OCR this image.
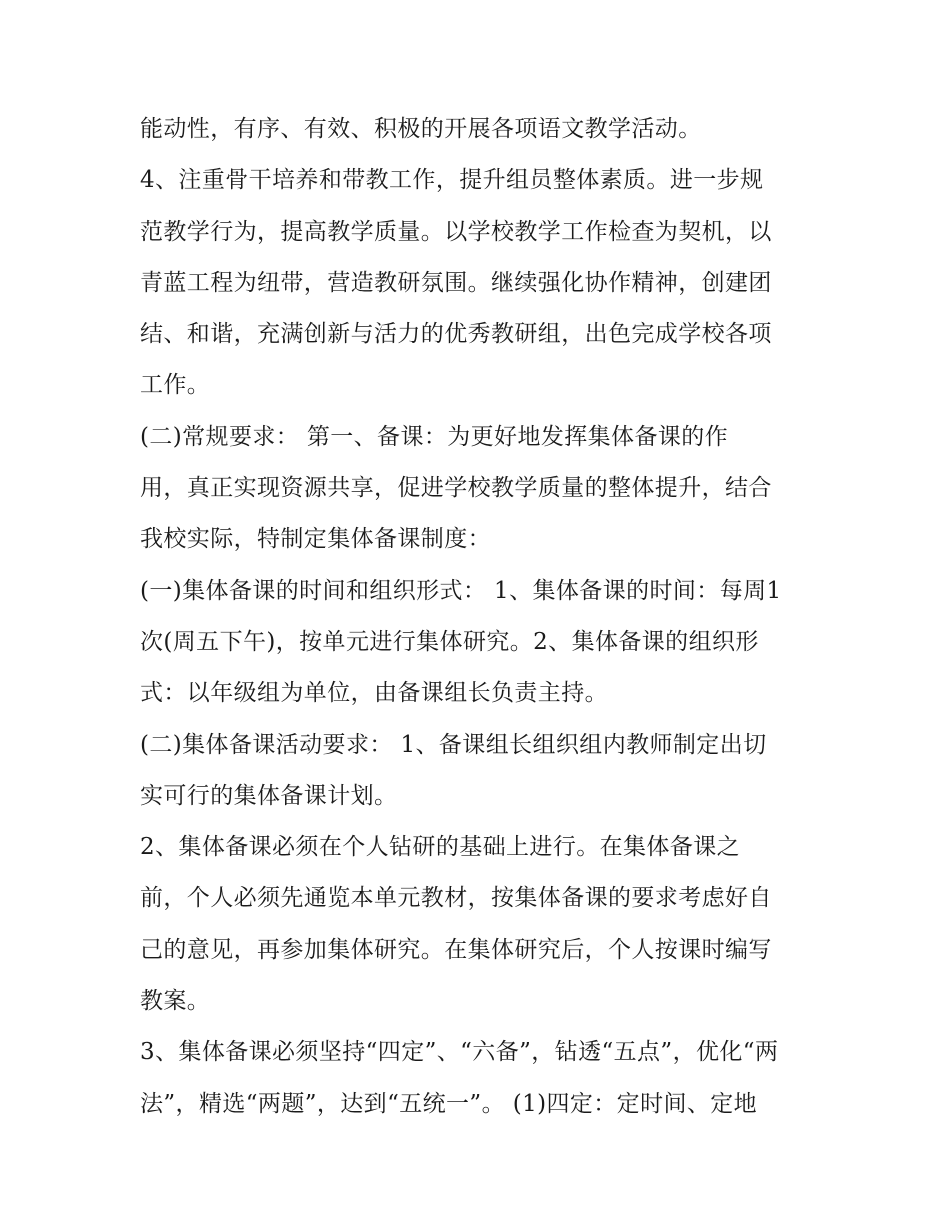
能动性，有序、有效、积极的开展各项语文教学活动。
4、注重骨干培养和带教工作，提升组员整体素质。进一步规
范教学行为，提高教学质量。以学校教学工作检查为契机，以
青蓝工程为纽带，营造教研氛围。继续强化协作精神，创建团
结、和谐，充满创新与活力的优秀教研组，出色完成学校各项
工作。
(二)常规要求： 第一、备课：为更好地发挥集体备课的作
用，真正实现资源共享，促进学校教学质量的整体提升，结合
我校实际，特制定集体备课制度：
(一)集体备课的时间和组织形式： 1、集体备课的时间：每周1
次(周五下午)，按单元进行集体研究。2、集体备课的组织形
式：以年级组为单位，由备课组长负责主持。
(二)集体备课活动要求： 1、备课组长组织组内教师制定出切
实可行的集体备课计划。
2、集体备课必须在个人钻研的基础上进行。在集体备课之
前，个人必须先通览本单元教材，按集体备课的要求考虑好自
己的意见，再参加集体研究。在集体研究后，个人按课时编写
教案。
3、集体备课必须坚持“四定”、“六备”，钻透“五点”，优化“两
法”，精选“两题”，达到“五统一”。 (1)四定：定时间、定地
